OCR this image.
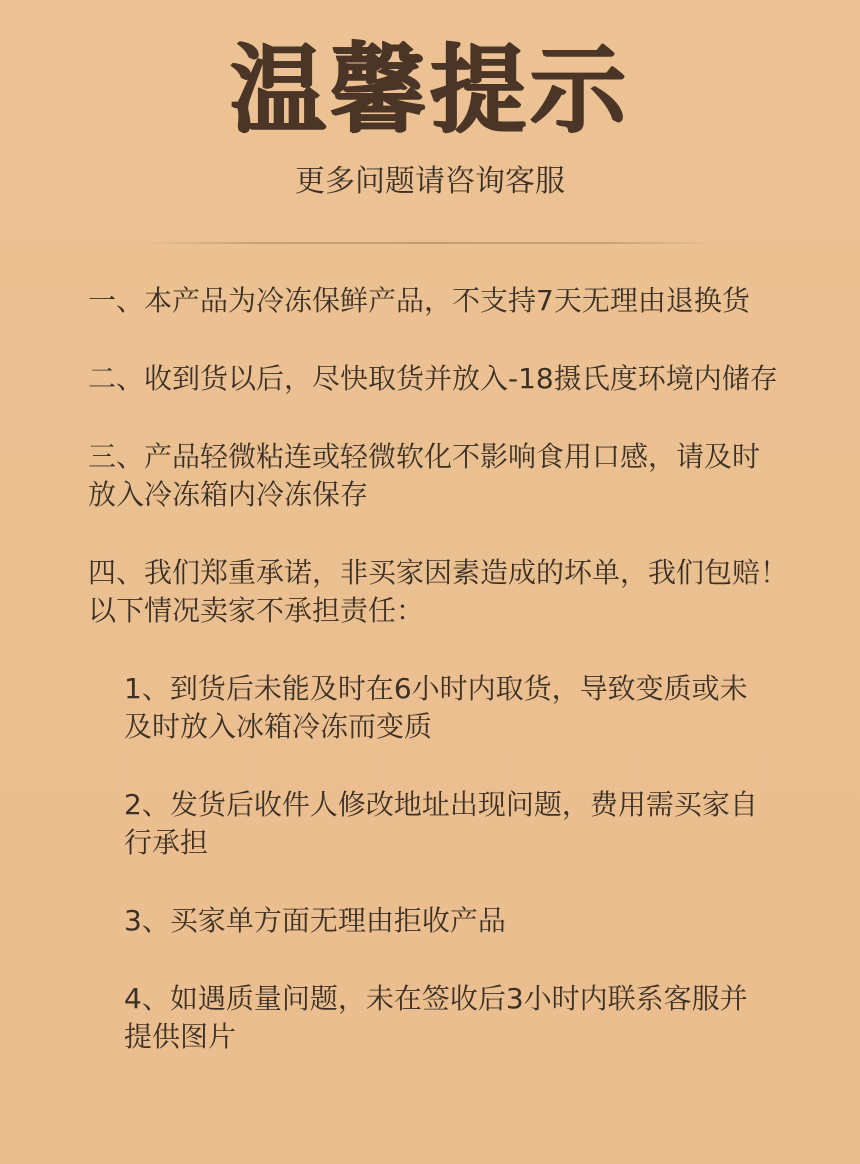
温馨提示
更多问题请咨询客服
一、本产品为冷冻保鲜产品，不支持7天无理由退换货
二、收到货以后，尽快取货并放入-18摄氏度环境内储存
三、产品轻微粘连或轻微软化不影响食用口感，请及时
放入冷冻箱内冷冻保存
四、我们郑重承诺，非买家因素造成的坏单，我们包赔！
以下情况卖家不承担责任：
1、到货后未能及时在6小时内取货，导致变质或未
及时放入冰箱冷冻而变质
2、发货后收件人修改地址出现问题，费用需买家自
行承担
3、买家单方面无理由拒收产品
4、如遇质量问题，未在签收后3小时内联系客服并
提供图片
